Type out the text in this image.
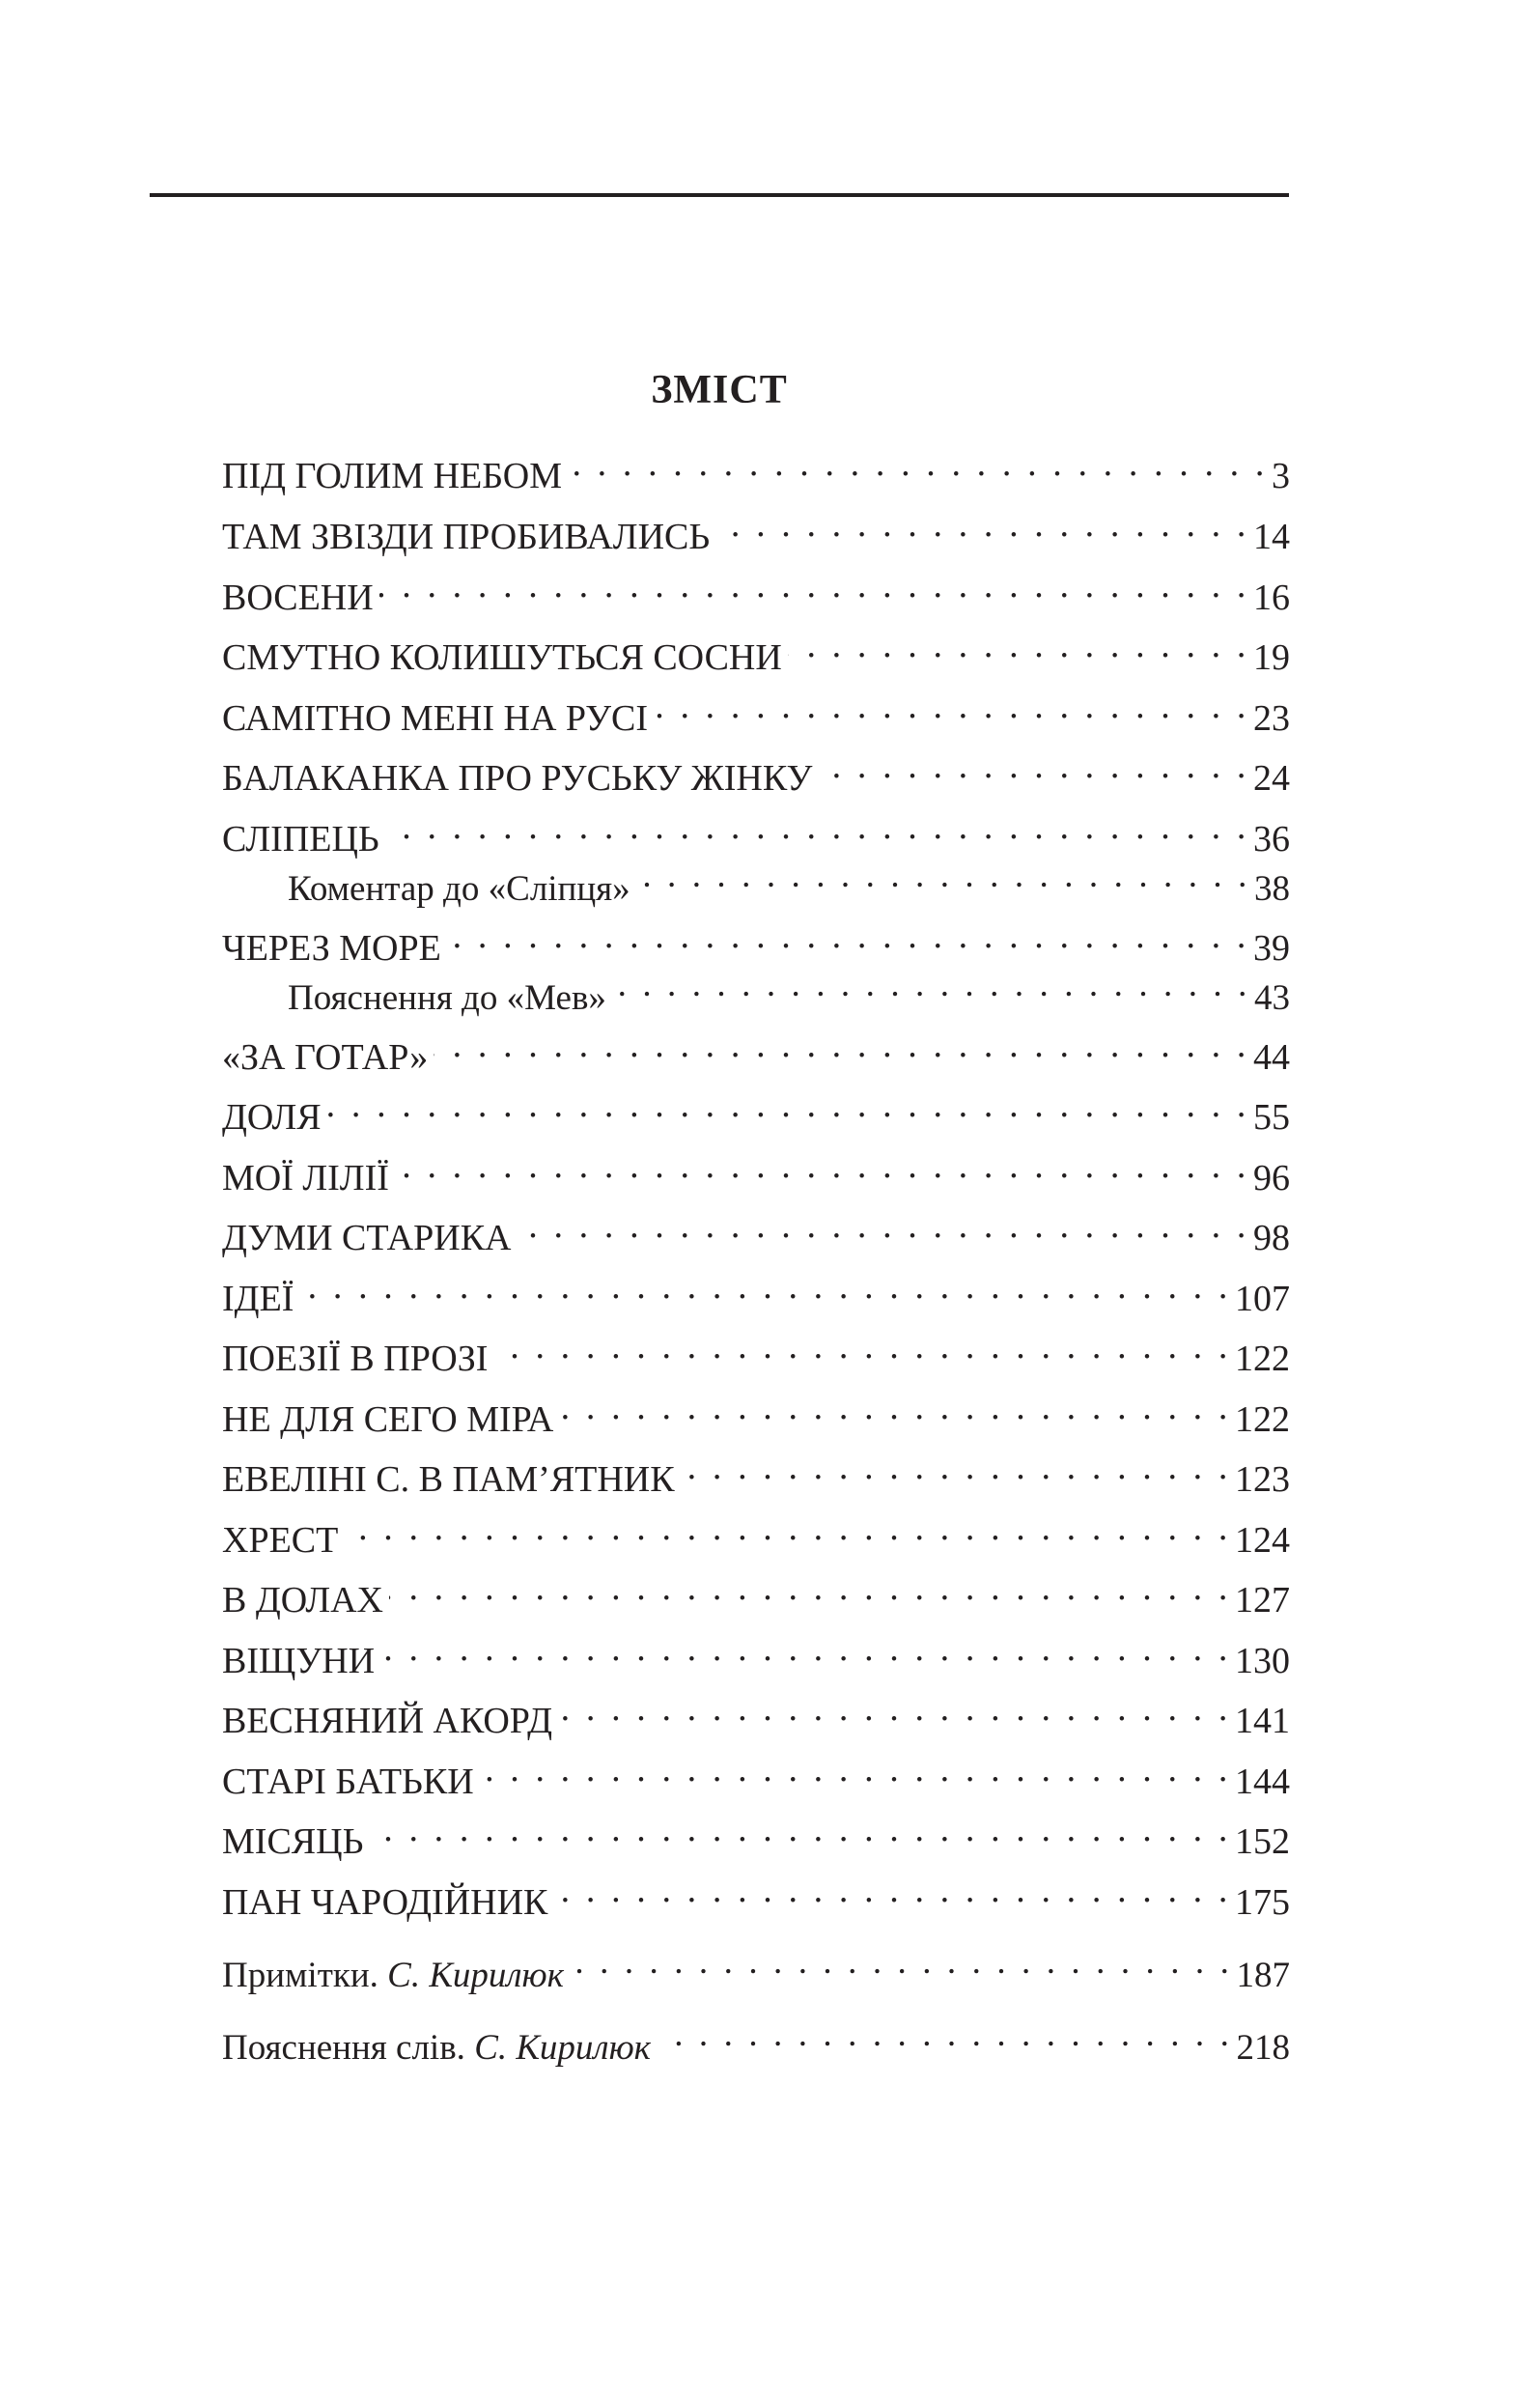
ЗМІСТ
ПІД ГОЛИМ НЕБОМ . . .	3
ТАМ ЗВІЗДИ ПРОБИВАЛИСЬ . . .	14
ВОСЕНИ . . .	16
СМУТНО КОЛИШУТЬСЯ СОСНИ . . .	19
САМІТНО МЕНІ НА РУСІ . . .	23
БАЛАКАНКА ПРО РУСЬКУ ЖІНКУ . . .	24
СЛІПЕЦЬ . . .	36
Коментар до «Сліпця» . . .	38
ЧЕРЕЗ МОРЕ . . .	39
Пояснення до «Мев» . . .	43
«ЗА ГОТАР» . . .	44
ДОЛЯ . . .	55
МОЇ ЛІЛІЇ . . .	96
ДУМИ СТАРИКА . . .	98
ІДЕЇ . . .	107
ПОЕЗІЇ В ПРОЗІ . . .	122
НЕ ДЛЯ СЕГО МІРА . . .	122
ЕВЕЛІНІ С. В ПАМ’ЯТНИК . . .	123
ХРЕСТ . . .	124
В ДОЛАХ . . .	127
ВІЩУНИ . . .	130
ВЕСНЯНИЙ АКОРД . . .	141
СТАРІ БАТЬКИ . . .	144
МІСЯЦЬ . . .	152
ПАН ЧАРОДІЙНИК . . .	175
Примітки. С. Кирилюк . . .	187
Пояснення слів. С. Кирилюк . . .	218
